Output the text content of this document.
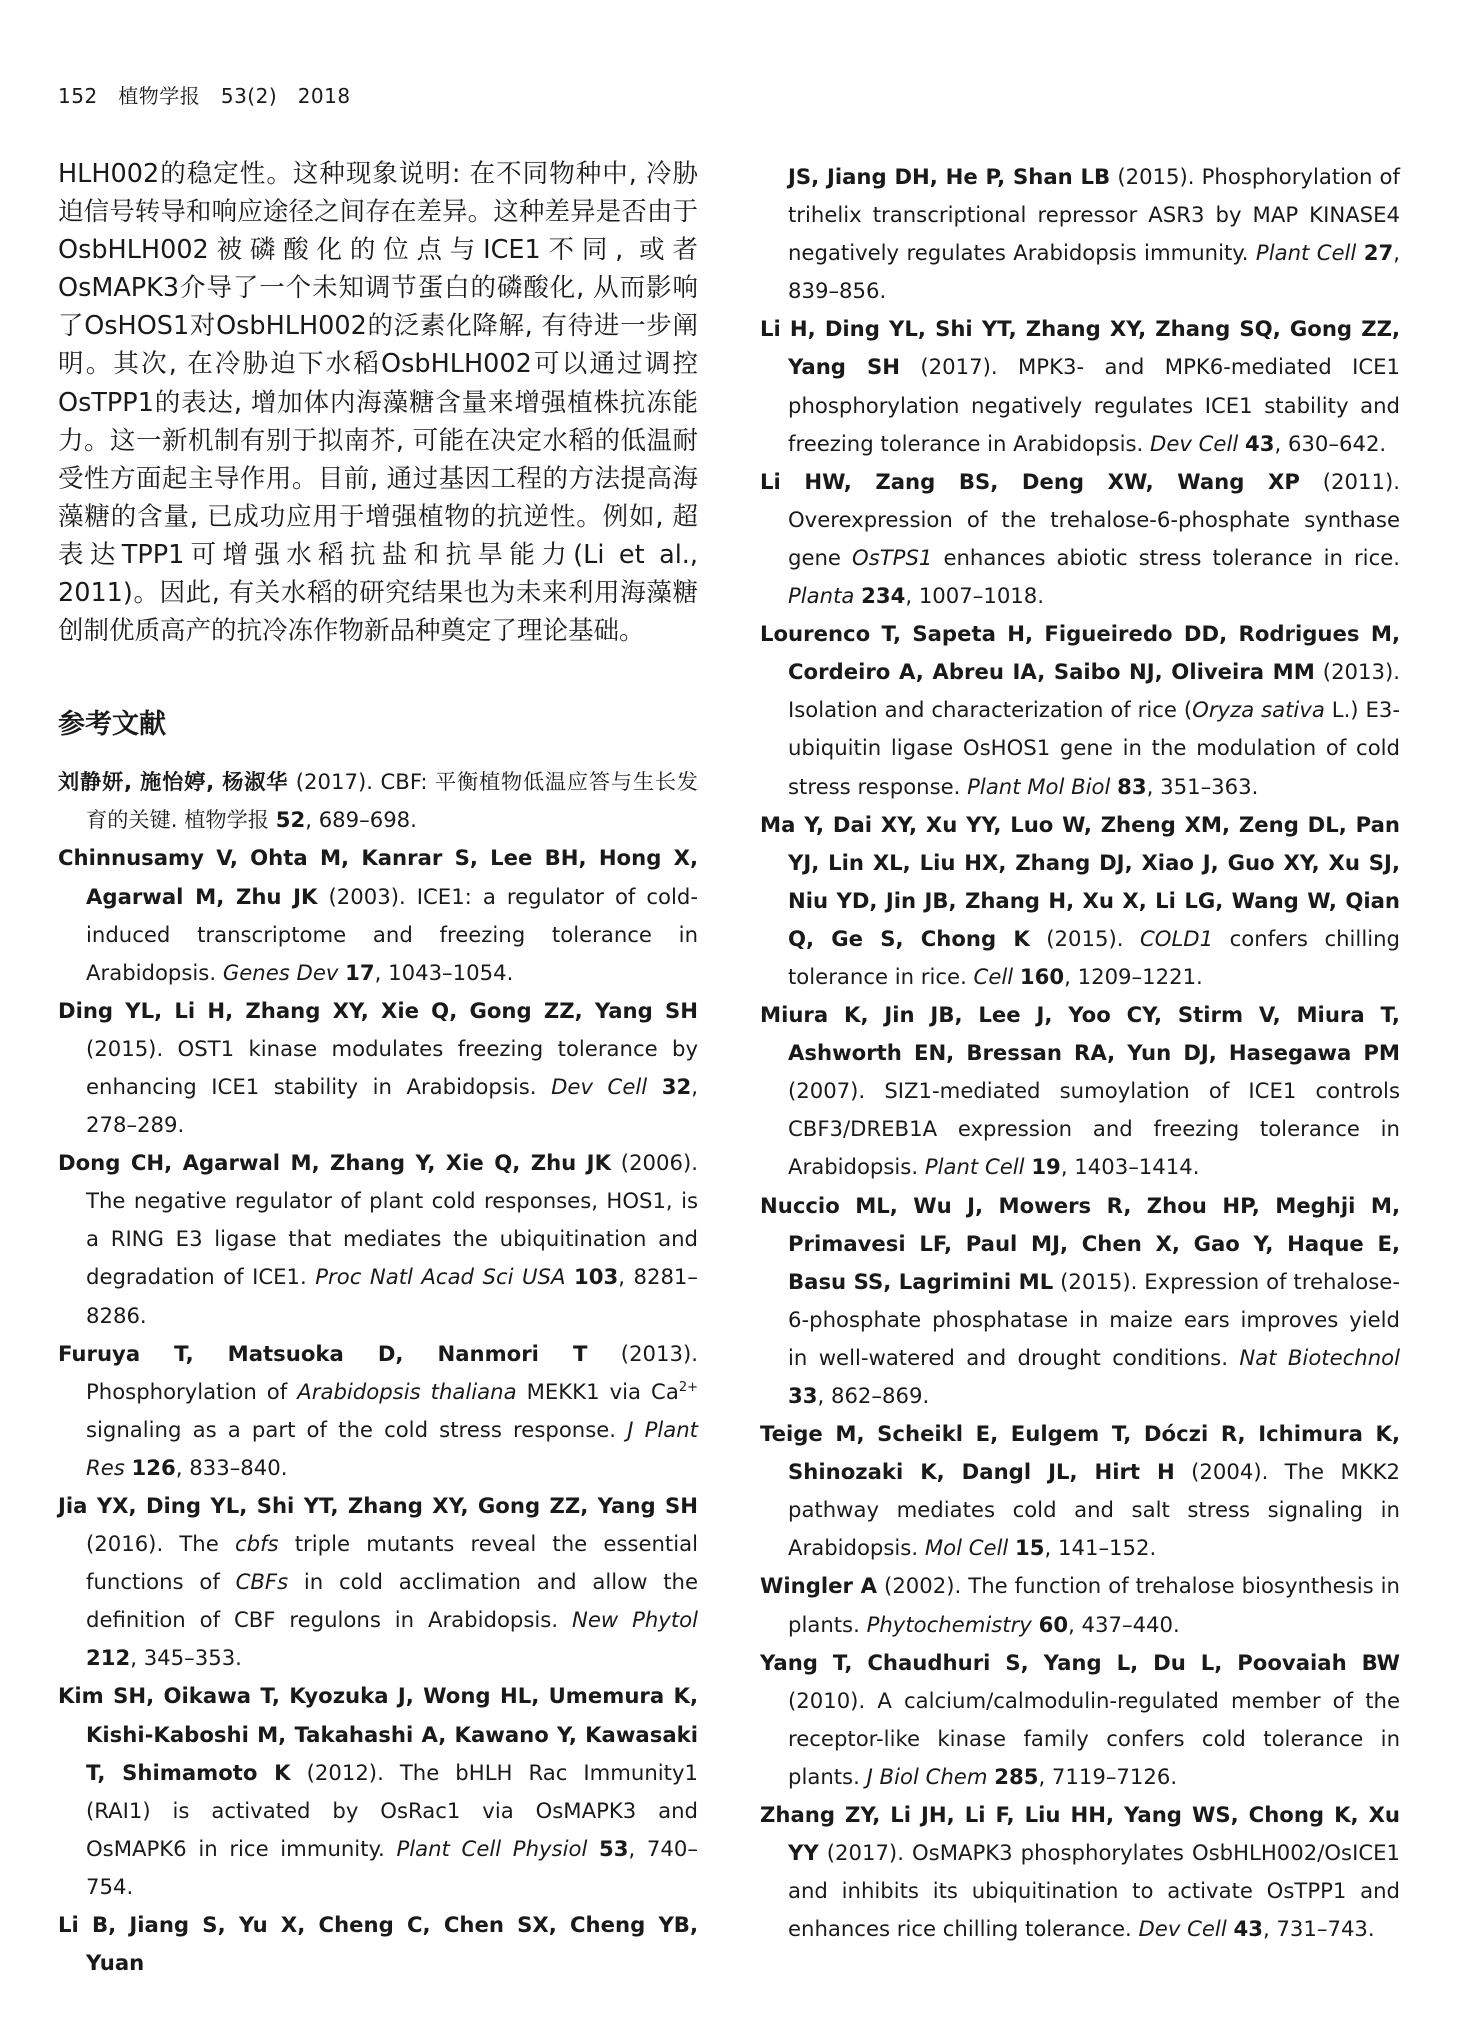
152 植物学报 53(2) 2018

HLH002的稳定性。这种现象说明: 在不同物种中, 冷胁迫信号转导和响应途径之间存在差异。这种差异是否由于OsbHLH002被磷酸化的位点与ICE1不同, 或者OsMAPK3介导了一个未知调节蛋白的磷酸化, 从而影响了OsHOS1对OsbHLH002的泛素化降解, 有待进一步阐明。其次, 在冷胁迫下水稻OsbHLH002可以通过调控OsTPP1的表达, 增加体内海藻糖含量来增强植株抗冻能力。这一新机制有别于拟南芥, 可能在决定水稻的低温耐受性方面起主导作用。目前, 通过基因工程的方法提高海藻糖的含量, 已成功应用于增强植物的抗逆性。例如, 超表达TPP1可增强水稻抗盐和抗旱能力(Li et al., 2011)。因此, 有关水稻的研究结果也为未来利用海藻糖创制优质高产的抗冷冻作物新品种奠定了理论基础。

参考文献
刘静妍, 施怡婷, 杨淑华 (2017). CBF: 平衡植物低温应答与生长发育的关键. 植物学报 52, 689–698.
Chinnusamy V, Ohta M, Kanrar S, Lee BH, Hong X, Agarwal M, Zhu JK (2003). ICE1: a regulator of cold-induced transcriptome and freezing tolerance in Arabidopsis. Genes Dev 17, 1043–1054.
Ding YL, Li H, Zhang XY, Xie Q, Gong ZZ, Yang SH (2015). OST1 kinase modulates freezing tolerance by enhancing ICE1 stability in Arabidopsis. Dev Cell 32, 278–289.
Dong CH, Agarwal M, Zhang Y, Xie Q, Zhu JK (2006). The negative regulator of plant cold responses, HOS1, is a RING E3 ligase that mediates the ubiquitination and degradation of ICE1. Proc Natl Acad Sci USA 103, 8281–8286.
Furuya T, Matsuoka D, Nanmori T (2013). Phosphorylation of Arabidopsis thaliana MEKK1 via $Ca^{2+}$ signaling as a part of the cold stress response. J Plant Res 126, 833–840.
Jia YX, Ding YL, Shi YT, Zhang XY, Gong ZZ, Yang SH (2016). The cbfs triple mutants reveal the essential functions of CBFs in cold acclimation and allow the definition of CBF regulons in Arabidopsis. New Phytol 212, 345–353.
Kim SH, Oikawa T, Kyozuka J, Wong HL, Umemura K, Kishi-Kaboshi M, Takahashi A, Kawano Y, Kawasaki T, Shimamoto K (2012). The bHLH Rac Immunity1 (RAI1) is activated by OsRac1 via OsMAPK3 and OsMAPK6 in rice immunity. Plant Cell Physiol 53, 740–754.
Li B, Jiang S, Yu X, Cheng C, Chen SX, Cheng YB, Yuan
JS, Jiang DH, He P, Shan LB (2015). Phosphorylation of trihelix transcriptional repressor ASR3 by MAP KINASE4 negatively regulates Arabidopsis immunity. Plant Cell 27, 839–856.
Li H, Ding YL, Shi YT, Zhang XY, Zhang SQ, Gong ZZ, Yang SH (2017). MPK3- and MPK6-mediated ICE1 phosphorylation negatively regulates ICE1 stability and freezing tolerance in Arabidopsis. Dev Cell 43, 630–642.
Li HW, Zang BS, Deng XW, Wang XP (2011). Overexpression of the trehalose-6-phosphate synthase gene OsTPS1 enhances abiotic stress tolerance in rice. Planta 234, 1007–1018.
Lourenco T, Sapeta H, Figueiredo DD, Rodrigues M, Cordeiro A, Abreu IA, Saibo NJ, Oliveira MM (2013). Isolation and characterization of rice (Oryza sativa L.) E3-ubiquitin ligase OsHOS1 gene in the modulation of cold stress response. Plant Mol Biol 83, 351–363.
Ma Y, Dai XY, Xu YY, Luo W, Zheng XM, Zeng DL, Pan YJ, Lin XL, Liu HX, Zhang DJ, Xiao J, Guo XY, Xu SJ, Niu YD, Jin JB, Zhang H, Xu X, Li LG, Wang W, Qian Q, Ge S, Chong K (2015). COLD1 confers chilling tolerance in rice. Cell 160, 1209–1221.
Miura K, Jin JB, Lee J, Yoo CY, Stirm V, Miura T, Ashworth EN, Bressan RA, Yun DJ, Hasegawa PM (2007). SIZ1-mediated sumoylation of ICE1 controls CBF3/DREB1A expression and freezing tolerance in Arabidopsis. Plant Cell 19, 1403–1414.
Nuccio ML, Wu J, Mowers R, Zhou HP, Meghji M, Primavesi LF, Paul MJ, Chen X, Gao Y, Haque E, Basu SS, Lagrimini ML (2015). Expression of trehalose-6-phosphate phosphatase in maize ears improves yield in well-watered and drought conditions. Nat Biotechnol 33, 862–869.
Teige M, Scheikl E, Eulgem T, Dóczi R, Ichimura K, Shinozaki K, Dangl JL, Hirt H (2004). The MKK2 pathway mediates cold and salt stress signaling in Arabidopsis. Mol Cell 15, 141–152.
Wingler A (2002). The function of trehalose biosynthesis in plants. Phytochemistry 60, 437–440.
Yang T, Chaudhuri S, Yang L, Du L, Poovaiah BW (2010). A calcium/calmodulin-regulated member of the receptor-like kinase family confers cold tolerance in plants. J Biol Chem 285, 7119–7126.
Zhang ZY, Li JH, Li F, Liu HH, Yang WS, Chong K, Xu YY (2017). OsMAPK3 phosphorylates OsbHLH002/OsICE1 and inhibits its ubiquitination to activate OsTPP1 and enhances rice chilling tolerance. Dev Cell 43, 731–743.
